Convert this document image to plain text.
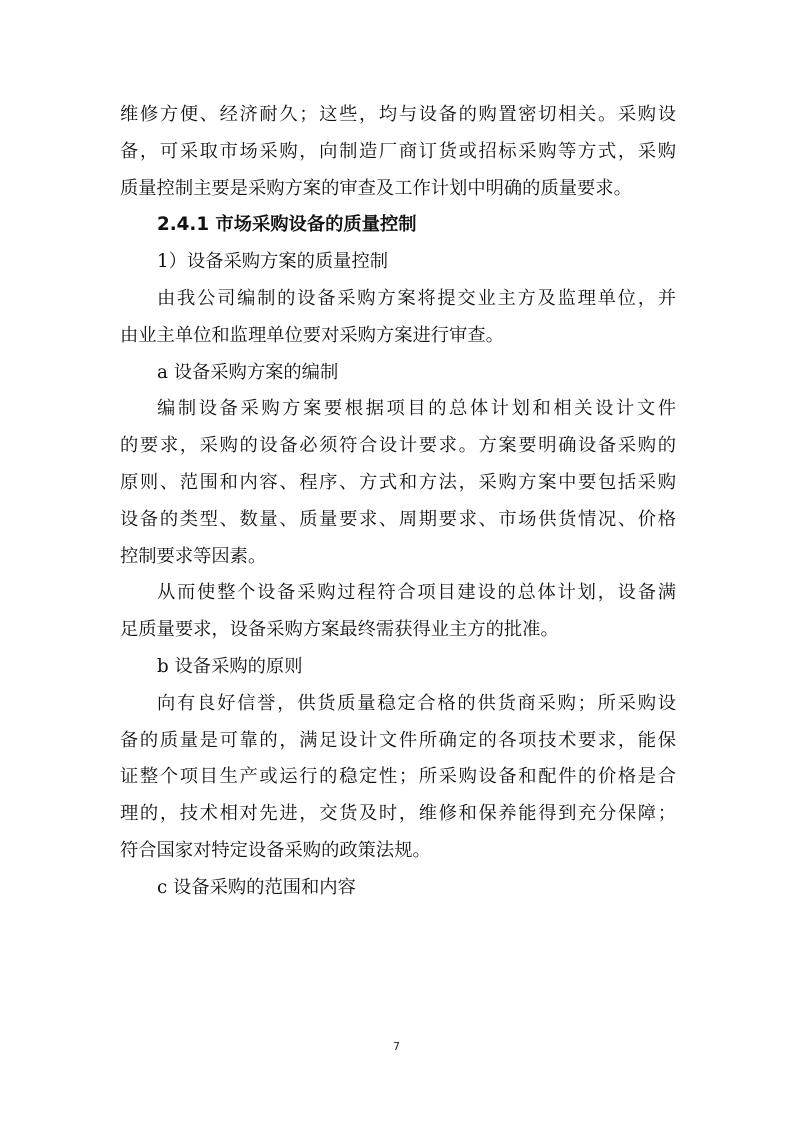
维修方便、经济耐久；这些，均与设备的购置密切相关。采购设
备，可采取市场采购，向制造厂商订货或招标采购等方式，采购
质量控制主要是采购方案的审查及工作计划中明确的质量要求。
2.4.1 市场采购设备的质量控制
1）设备采购方案的质量控制
由我公司编制的设备采购方案将提交业主方及监理单位，并
由业主单位和监理单位要对采购方案进行审查。
a 设备采购方案的编制
编制设备采购方案要根据项目的总体计划和相关设计文件
的要求，采购的设备必须符合设计要求。方案要明确设备采购的
原则、范围和内容、程序、方式和方法，采购方案中要包括采购
设备的类型、数量、质量要求、周期要求、市场供货情况、价格
控制要求等因素。
从而使整个设备采购过程符合项目建设的总体计划，设备满
足质量要求，设备采购方案最终需获得业主方的批准。
b 设备采购的原则
向有良好信誉，供货质量稳定合格的供货商采购；所采购设
备的质量是可靠的，满足设计文件所确定的各项技术要求，能保
证整个项目生产或运行的稳定性；所采购设备和配件的价格是合
理的，技术相对先进，交货及时，维修和保养能得到充分保障；
符合国家对特定设备采购的政策法规。
c 设备采购的范围和内容
7
